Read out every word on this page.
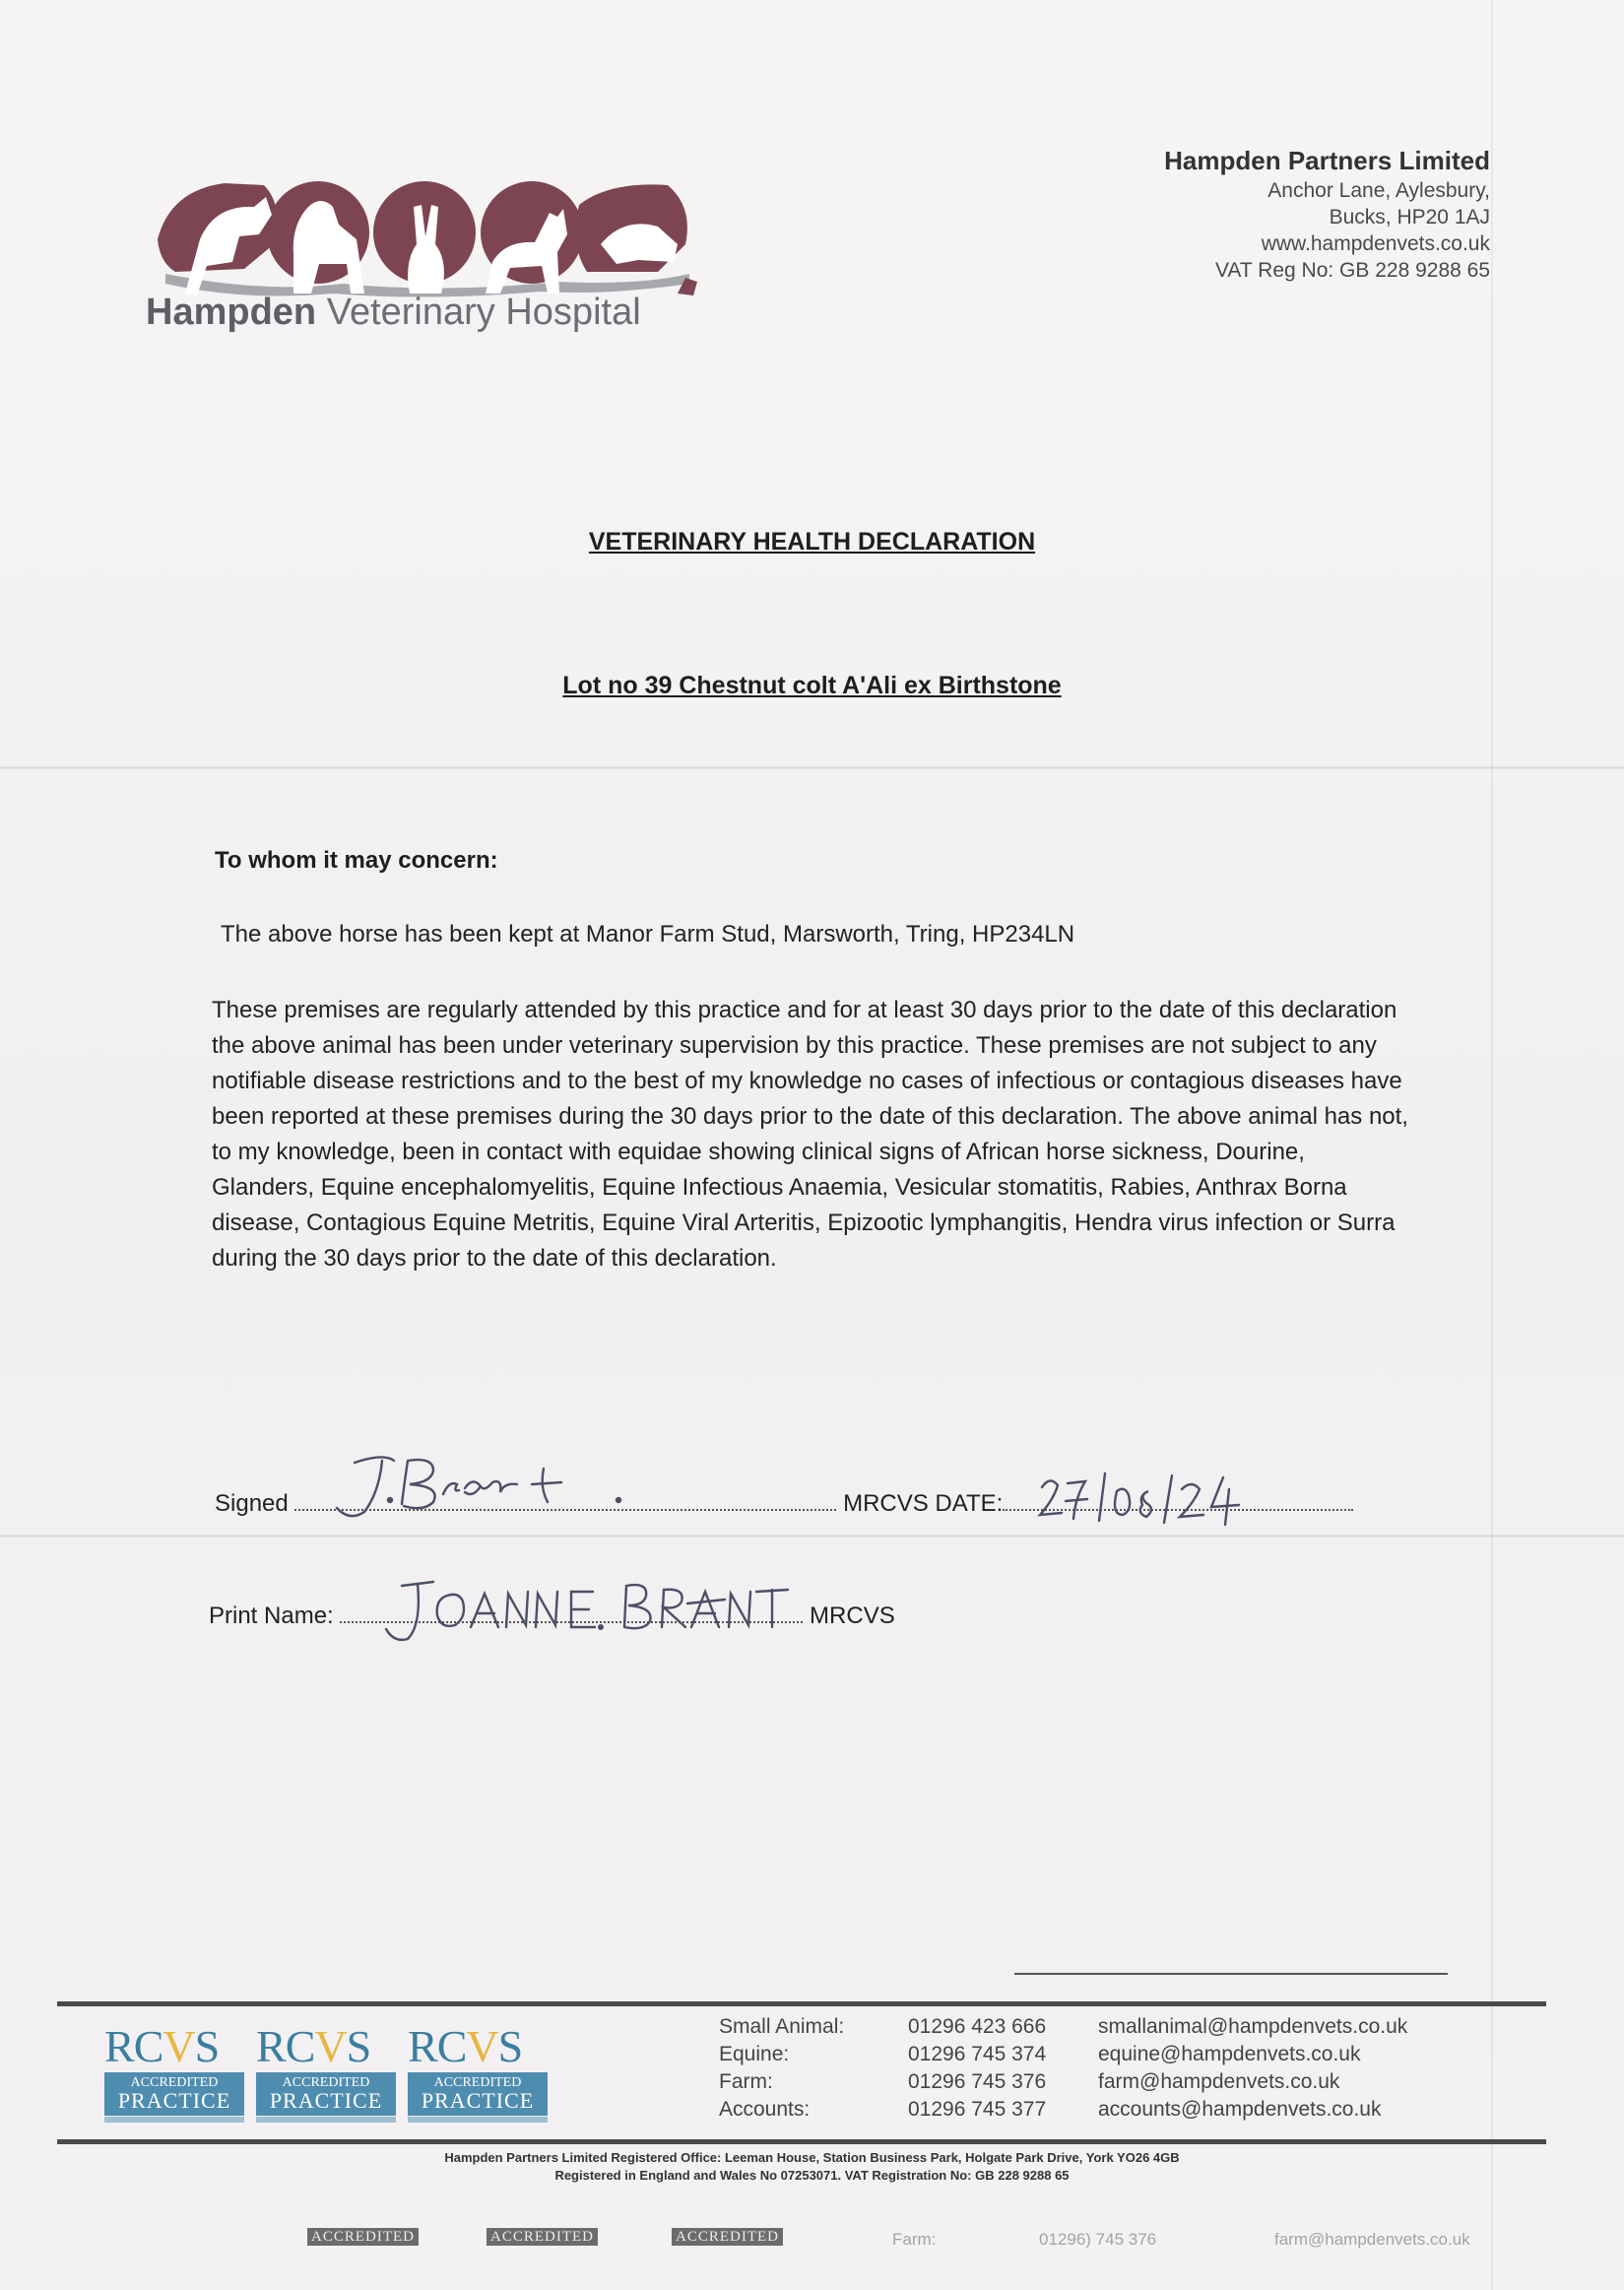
Hampden Veterinary Hospital
Hampden Partners Limited
Anchor Lane, Aylesbury,
Bucks, HP20 1AJ
www.hampdenvets.co.uk
VAT Reg No: GB 228 9288 65
VETERINARY HEALTH DECLARATION
Lot no 39 Chestnut colt A'Ali ex Birthstone
To whom it may concern:
The above horse has been kept at Manor Farm Stud, Marsworth, Tring, HP234LN
These premises are regularly attended by this practice and for at least 30 days prior to the date of this declaration the above animal has been under veterinary supervision by this practice. These premises are not subject to any notifiable disease restrictions and to the best of my knowledge no cases of infectious or contagious diseases have been reported at these premises during the 30 days prior to the date of this declaration. The above animal has not, to my knowledge, been in contact with equidae showing clinical signs of African horse sickness, Dourine, Glanders, Equine encephalomyelitis, Equine Infectious Anaemia, Vesicular stomatitis, Rabies, Anthrax Borna disease, Contagious Equine Metritis, Equine Viral Arteritis, Epizootic lymphangitis, Hendra virus infection or Surra during the 30 days prior to the date of this declaration.
Signed	MRCVS DATE:
Print Name:	MRCVS
RCVS
ACCREDITED
PRACTICE
RCVS
ACCREDITED
PRACTICE
RCVS
ACCREDITED
PRACTICE
Small Animal:	01296 423 666	smallanimal@hampdenvets.co.uk
Equine:	01296 745 374	equine@hampdenvets.co.uk
Farm:	01296 745 376	farm@hampdenvets.co.uk
Accounts:	01296 745 377	accounts@hampdenvets.co.uk
Hampden Partners Limited Registered Office: Leeman House, Station Business Park, Holgate Park Drive, York YO26 4GB
Registered in England and Wales No 07253071. VAT Registration No: GB 228 9288 65
ACCREDITED	ACCREDITED	ACCREDITED	Farm:	01296) 745 376	farm@hampdenvets.co.uk
